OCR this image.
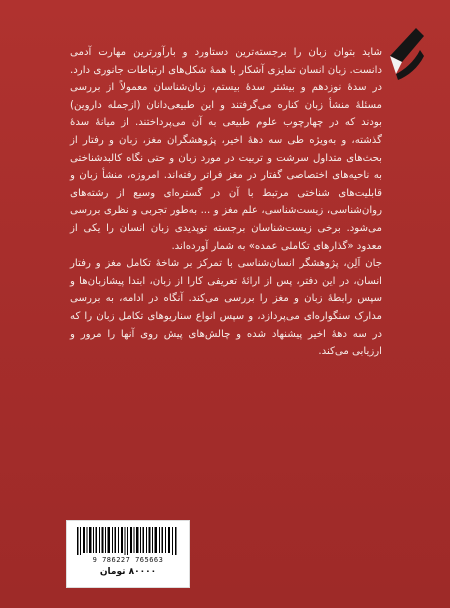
شاید بتوان زبان را برجسته‌ترین دستاورد و بارآورترین مهارت آدمی دانست. زبان انسان تمایزی آشکار با همهٔ شکل‌های ارتباطات جانوری دارد. در سدهٔ نوزدهم و بیشتر سدهٔ بیستم، زبان‌شناسان معمولاً از بررسی مسئلهٔ منشأ زبان کناره می‌گرفتند و این طبیعی‌دانان (ازجمله داروین) بودند که در چهارچوب علوم طبیعی به آن می‌پرداختند. از میانهٔ سدهٔ گذشته، و به‌ویژه طی سه دههٔ اخیر، پژوهشگران مغز، زبان و رفتار از بحث‌های متداول سرشت و تربیت در مورد زبان و حتی نگاه کالبدشناختی به ناحیه‌های اختصاصی گفتار در مغز فراتر رفته‌اند. امروزه، منشأ زبان و قابلیت‌های شناختی مرتبط با آن در گستره‌ای وسیع از رشته‌های روان‌شناسی، زیست‌شناسی، علم مغز و ... به‌طور تجربی و نظری بررسی می‌شود. برخی زیست‌شناسان برجسته توپدیدی زبان انسان را یکی از معدود «گذارهای تکاملی عمده» به شمار آورده‌اند.

جان اَلِن، پژوهشگر انسان‌شناسی با تمرکز بر شاخهٔ تکامل مغز و رفتار انسان، در این دفتر، پس از ارائهٔ تعریفی کارا از زبان، ابتدا پیشازبان‌ها و سپس رابطهٔ زبان و مغز را بررسی می‌کند. آنگاه در ادامه، به بررسی مدارک سنگواره‌ای می‌پردازد، و سپس انواع سناریوهای تکامل زبان را که در سه دههٔ اخیر پیشنهاد شده و چالش‌های پیش روی آنها را مرور و ارزیابی می‌کند.

9 786227 765663
۸۰۰۰۰ تومان
